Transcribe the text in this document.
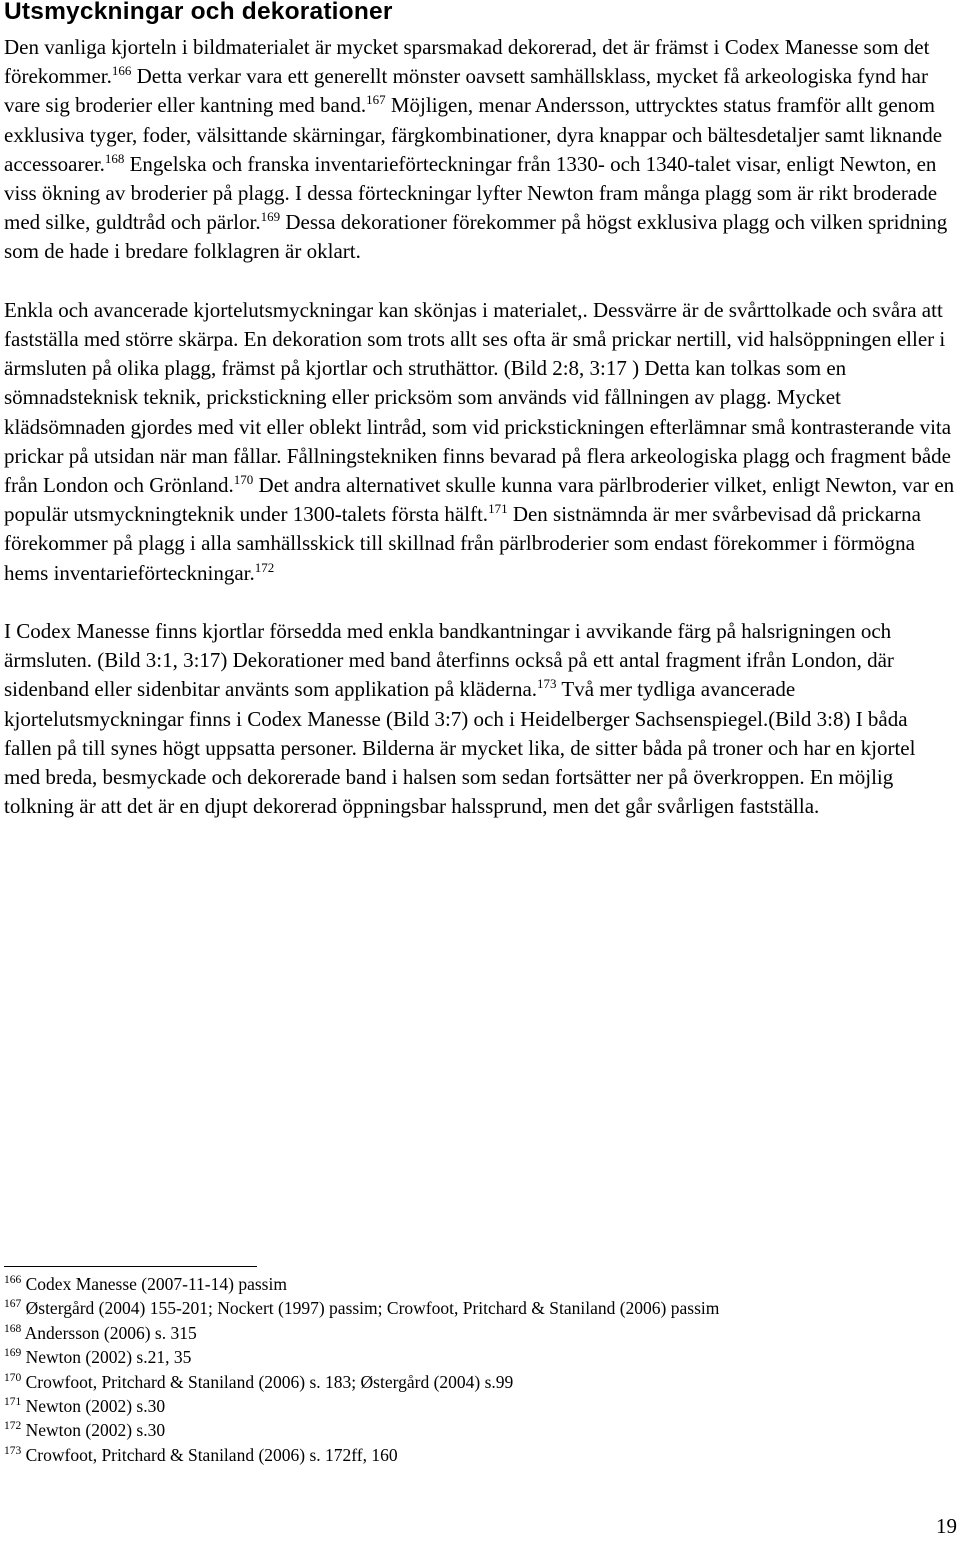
Utsmyckningar och dekorationer

Den vanliga kjorteln i bildmaterialet är mycket sparsmakad dekorerad, det är främst i Codex Manesse som det förekommer.$^{166}$ Detta verkar vara ett generellt mönster oavsett samhällsklass, mycket få arkeologiska fynd har vare sig broderier eller kantning med band.$^{167}$ Möjligen, menar Andersson, uttrycktes status framför allt genom exklusiva tyger, foder, välsittande skärningar, färgkombinationer, dyra knappar och bältesdetaljer samt liknande accessoarer.$^{168}$ Engelska och franska inventarieförteckningar från 1330- och 1340-talet visar, enligt Newton, en viss ökning av broderier på plagg. I dessa förteckningar lyfter Newton fram många plagg som är rikt broderade med silke, guldtråd och pärlor.$^{169}$ Dessa dekorationer förekommer på högst exklusiva plagg och vilken spridning som de hade i bredare folklagren är oklart.

Enkla och avancerade kjortelutsmyckningar kan skönjas i materialet,. Dessvärre är de svårttolkade och svåra att fastställa med större skärpa. En dekoration som trots allt ses ofta är små prickar nertill, vid halsöppningen eller i ärmsluten på olika plagg, främst på kjortlar och struthättor. (Bild 2:8, 3:17 ) Detta kan tolkas som en sömnadsteknisk teknik, prickstickning eller pricksöm som används vid fållningen av plagg. Mycket klädsömnaden gjordes med vit eller oblekt lintråd, som vid prickstickningen efterlämnar små kontrasterande vita prickar på utsidan när man fållar. Fållningstekniken finns bevarad på flera arkeologiska plagg och fragment både från London och Grönland.$^{170}$ Det andra alternativet skulle kunna vara pärlbroderier vilket, enligt Newton, var en populär utsmyckningteknik under 1300-talets första hälft.$^{171}$ Den sistnämnda är mer svårbevisad då prickarna förekommer på plagg i alla samhällsskick till skillnad från pärlbroderier som endast förekommer i förmögna hems inventarieförteckningar.$^{172}$

I Codex Manesse finns kjortlar försedda med enkla bandkantningar i avvikande färg på halsrigningen och ärmsluten. (Bild 3:1, 3:17) Dekorationer med band återfinns också på ett antal fragment ifrån London, där sidenband eller sidenbitar använts som applikation på kläderna.$^{173}$ Två mer tydliga avancerade kjortelutsmyckningar finns i Codex Manesse (Bild 3:7) och i Heidelberger Sachsenspiegel.(Bild 3:8) I båda fallen på till synes högt uppsatta personer. Bilderna är mycket lika, de sitter båda på troner och har en kjortel med breda, besmyckade och dekorerade band i halsen som sedan fortsätter ner på överkroppen. En möjlig tolkning är att det är en djupt dekorerad öppningsbar halssprund, men det går svårligen fastställa.

$^{166}$ Codex Manesse (2007-11-14) passim
$^{167}$ Østergård (2004) 155-201; Nockert (1997) passim; Crowfoot, Pritchard & Staniland (2006) passim
$^{168}$ Andersson (2006) s. 315
$^{169}$ Newton (2002) s.21, 35
$^{170}$ Crowfoot, Pritchard & Staniland (2006) s. 183; Østergård (2004) s.99
$^{171}$ Newton (2002) s.30
$^{172}$ Newton (2002) s.30
$^{173}$ Crowfoot, Pritchard & Staniland (2006) s. 172ff, 160
19
